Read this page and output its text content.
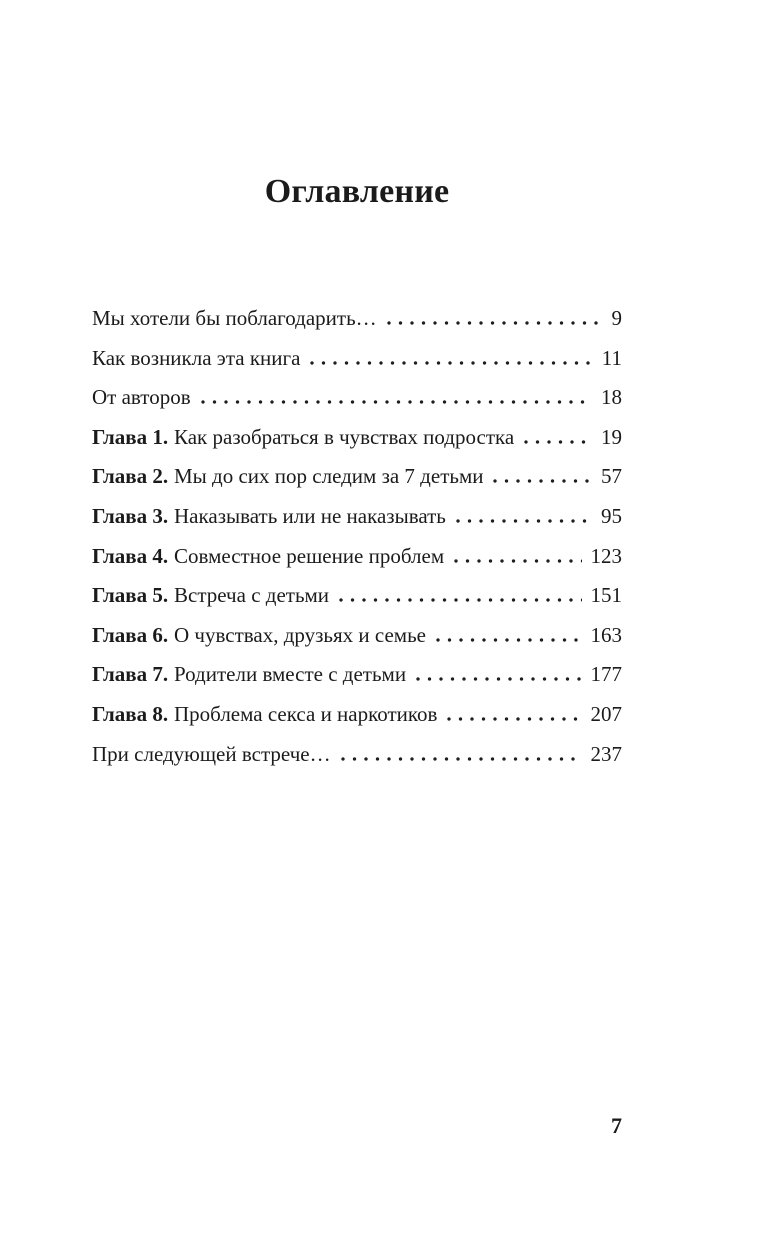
Оглавление
Мы хотели бы поблагодарить…	9
Как возникла эта книга	11
От авторов	18
Глава 1. Как разобраться в чувствах подростка	19
Глава 2. Мы до сих пор следим за 7 детьми	57
Глава 3. Наказывать или не наказывать	95
Глава 4. Совместное решение проблем	123
Глава 5. Встреча с детьми	151
Глава 6. О чувствах, друзьях и семье	163
Глава 7. Родители вместе с детьми	177
Глава 8. Проблема секса и наркотиков	207
При следующей встрече…	237
7
